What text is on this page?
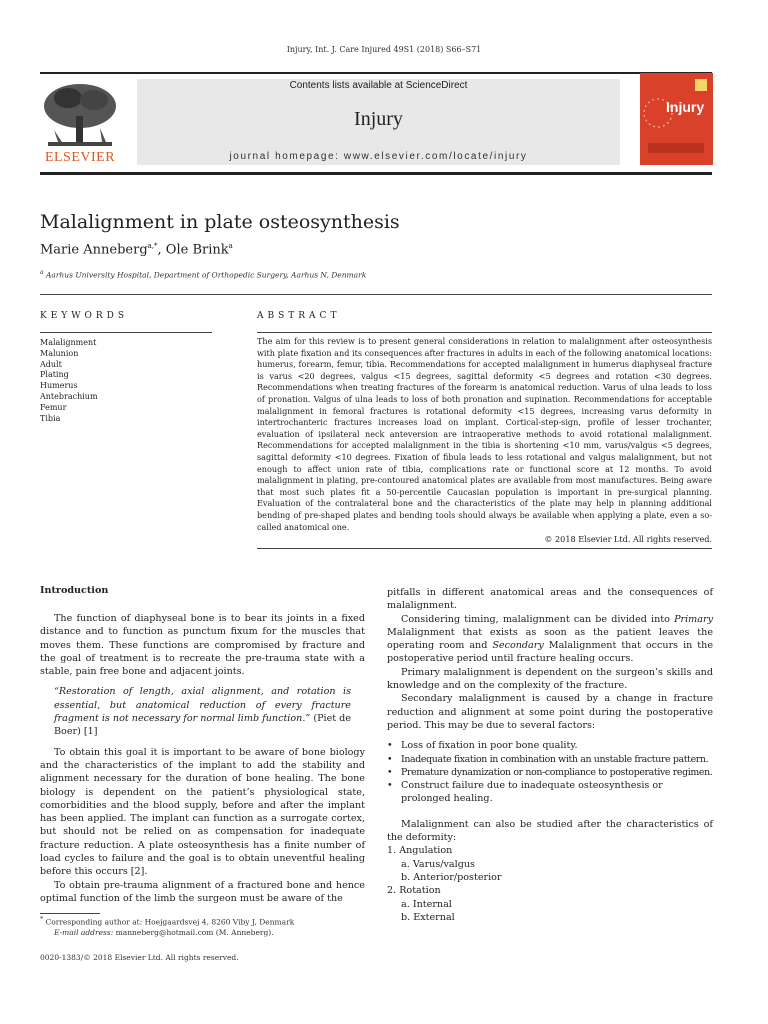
Injury, Int. J. Care Injured 49S1 (2018) S66–S71
ELSEVIER
Contents lists available at ScienceDirect
Injury
journal homepage: www.elsevier.com/locate/injury
Injury
Malalignment in plate osteosynthesis
Marie Anneberg$^{a,*}$, Ole Brink$^a$
$^a$ Aarhus University Hospital, Department of Orthopedic Surgery, Aarhus N, Denmark
KEYWORDS
Malalignment
Malunion
Adult
Plating
Humerus
Antebrachium
Femur
Tibia
ABSTRACT
The aim for this review is to present general considerations in relation to malalignment after osteosynthesis with plate fixation and its consequences after fractures in adults in each of the following anatomical locations: humerus, forearm, femur, tibia. Recommendations for accepted malalignment in humerus diaphyseal fracture is varus <20 degrees, valgus <15 degrees, sagittal deformity <5 degrees and rotation <30 degrees. Recommendations when treating fractures of the forearm is anatomical reduction. Varus of ulna leads to loss of pronation. Valgus of ulna leads to loss of both pronation and supination. Recommendations for acceptable malalignment in femoral fractures is rotational deformity <15 degrees, increasing varus deformity in intertrochanteric fractures increases load on implant. Cortical-step-sign, profile of lesser trochanter, evaluation of ipsilateral neck anteversion are intraoperative methods to avoid rotational malalignment. Recommendations for accepted malalignment in the tibia is shortening <10 mm, varus/valgus <5 degrees, sagittal deformity <10 degrees. Fixation of fibula leads to less rotational and valgus malalignment, but not enough to affect union rate of tibia, complications rate or functional score at 12 months. To avoid malalignment in plating, pre-contoured anatomical plates are available from most manufactures. Being aware that most such plates fit a 50-percentile Caucasian population is important in pre-surgical planning. Evaluation of the contralateral bone and the characteristics of the plate may help in planning additional bending of pre-shaped plates and bending tools should always be available when applying a plate, even a so-called anatomical one.
© 2018 Elsevier Ltd. All rights reserved.
Introduction

The function of diaphyseal bone is to bear its joints in a fixed distance and to function as punctum fixum for the muscles that moves them. These functions are compromised by fracture and the goal of treatment is to recreate the pre-trauma state with a stable, pain free bone and adjacent joints.

“Restoration of length, axial alignment, and rotation is essential, but anatomical reduction of every fracture fragment is not necessary for normal limb function.” (Piet de Boer) [1]

To obtain this goal it is important to be aware of bone biology and the characteristics of the implant to add the stability and alignment necessary for the duration of bone healing. The bone biology is dependent on the patient’s physiological state, comorbidities and the blood supply, before and after the implant has been applied. The implant can function as a surrogate cortex, but should not be relied on as compensation for inadequate fracture reduction. A plate osteosynthesis has a finite number of load cycles to failure and the goal is to obtain uneventful healing before this occurs [2].

To obtain pre-trauma alignment of a fractured bone and hence optimal function of the limb the surgeon must be aware of the

pitfalls in different anatomical areas and the consequences of malalignment.

Considering timing, malalignment can be divided into Primary Malalignment that exists as soon as the patient leaves the operating room and Secondary Malalignment that occurs in the postoperative period until fracture healing occurs.

Primary malalignment is dependent on the surgeon’s skills and knowledge and on the complexity of the fracture.

Secondary malalignment is caused by a change in fracture reduction and alignment at some point during the postoperative period. This may be due to several factors:

• Loss of fixation in poor bone quality.
• Inadequate fixation in combination with an unstable fracture pattern.
• Premature dynamization or non-compliance to postoperative regimen.
• Construct failure due to inadequate osteosynthesis or prolonged healing.

Malalignment can also be studied after the characteristics of the deformity:

1. Angulation
a. Varus/valgus
b. Anterior/posterior
2. Rotation
a. Internal
b. External
* Corresponding author at: Hoejgaardsvej 4, 8260 Viby J, Denmark
E-mail address: manneberg@hotmail.com (M. Anneberg).
0020-1383/© 2018 Elsevier Ltd. All rights reserved.
